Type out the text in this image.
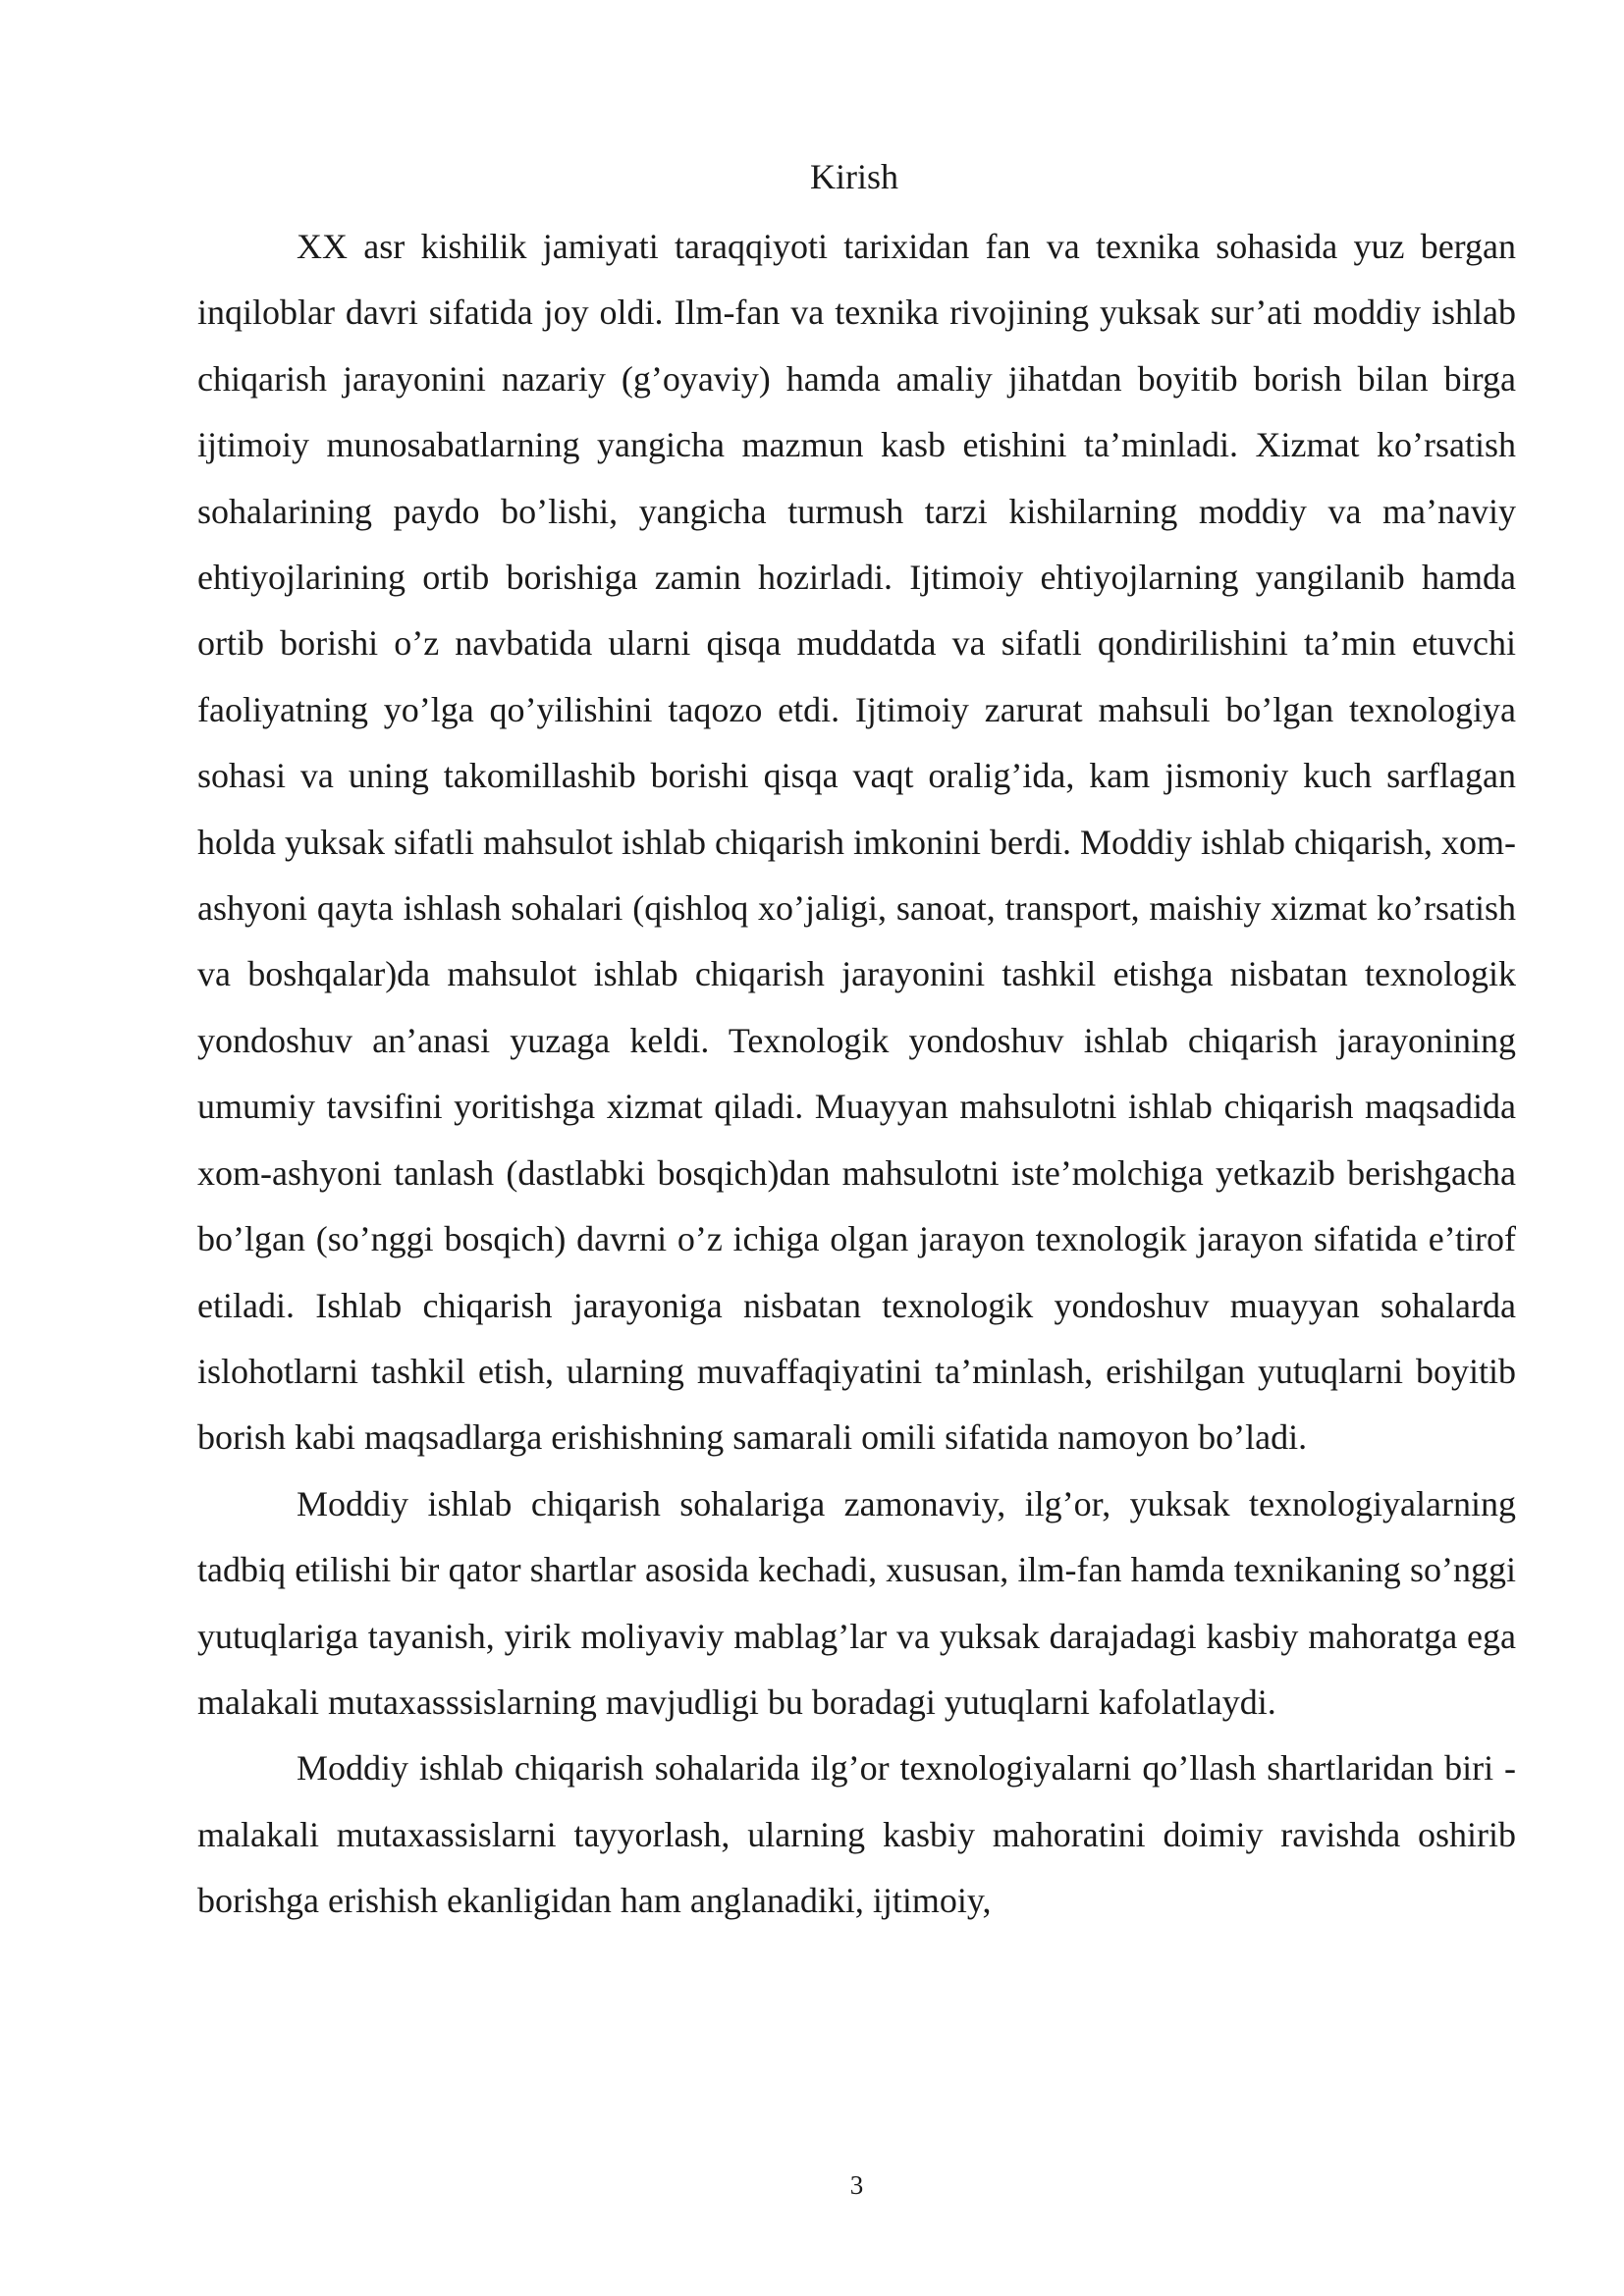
Kirish

XX asr kishilik jamiyati taraqqiyoti tarixidan fan va texnika sohasida yuz bergan inqiloblar davri sifatida joy oldi. Ilm-fan va texnika rivojining yuksak sur’ati moddiy ishlab chiqarish jarayonini nazariy (g’oyaviy) hamda amaliy jihatdan boyitib borish bilan birga ijtimoiy munosabatlarning yangicha mazmun kasb etishini ta’minladi. Xizmat ko’rsatish sohalarining paydo bo’lishi, yangicha turmush tarzi kishilarning moddiy va ma’naviy ehtiyojlarining ortib borishiga zamin hozirladi. Ijtimoiy ehtiyojlarning yangilanib hamda ortib borishi o’z navbatida ularni qisqa muddatda va sifatli qondirilishini ta’min etuvchi faoliyatning yo’lga qo’yilishini taqozo etdi. Ijtimoiy zarurat mahsuli bo’lgan texnologiya sohasi va uning takomillashib borishi qisqa vaqt oralig’ida, kam jismoniy kuch sarflagan holda yuksak sifatli mahsulot ishlab chiqarish imkonini berdi. Moddiy ishlab chiqarish, xom-ashyoni qayta ishlash sohalari (qishloq xo’jaligi, sanoat, transport, maishiy xizmat ko’rsatish va boshqalar)da mahsulot ishlab chiqarish jarayonini tashkil etishga nisbatan texnologik yondoshuv an’anasi yuzaga keldi. Texnologik yondoshuv ishlab chiqarish jarayonining umumiy tavsifini yoritishga xizmat qiladi. Muayyan mahsulotni ishlab chiqarish maqsadida xom-ashyoni tanlash (dastlabki bosqich)dan mahsulotni iste’molchiga yetkazib berishgacha bo’lgan (so’nggi bosqich) davrni o’z ichiga olgan jarayon texnologik jarayon sifatida e’tirof etiladi. Ishlab chiqarish jarayoniga nisbatan texnologik yondoshuv muayyan sohalarda islohotlarni tashkil etish, ularning muvaffaqiyatini ta’minlash, erishilgan yutuqlarni boyitib borish kabi maqsadlarga erishishning samarali omili sifatida namoyon bo’ladi.

Moddiy ishlab chiqarish sohalariga zamonaviy, ilg’or, yuksak texnologiyalarning tadbiq etilishi bir qator shartlar asosida kechadi, xususan, ilm-fan hamda texnikaning so’nggi yutuqlariga tayanish, yirik moliyaviy mablag’lar va yuksak darajadagi kasbiy mahoratga ega malakali mutaxasssislarning mavjudligi bu boradagi yutuqlarni kafolatlaydi.

Moddiy ishlab chiqarish sohalarida ilg’or texnologiyalarni qo’llash shartlaridan biri - malakali mutaxassislarni tayyorlash, ularning kasbiy mahoratini doimiy ravishda oshirib borishga erishish ekanligidan ham anglanadiki, ijtimoiy,

3
